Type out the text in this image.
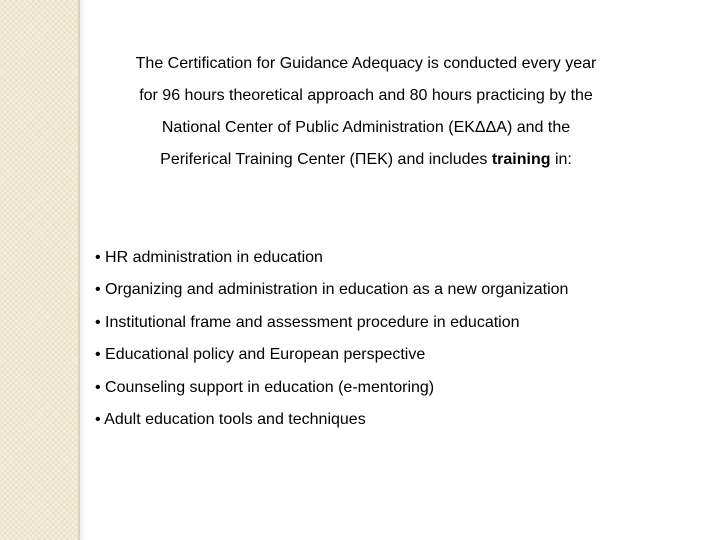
The Certification for Guidance Adequacy is conducted every year
for 96 hours theoretical approach and 80 hours practicing by the
National Center of Public Administration (ΕΚΔΔΑ) and the
Periferical Training Center (ΠΕΚ) and includes training in:
• HR administration in education
• Organizing and administration in education as a new organization
• Institutional frame and assessment procedure in education
• Educational policy and European perspective
• Counseling support in education (e-mentoring)
• Adult education tools and techniques
